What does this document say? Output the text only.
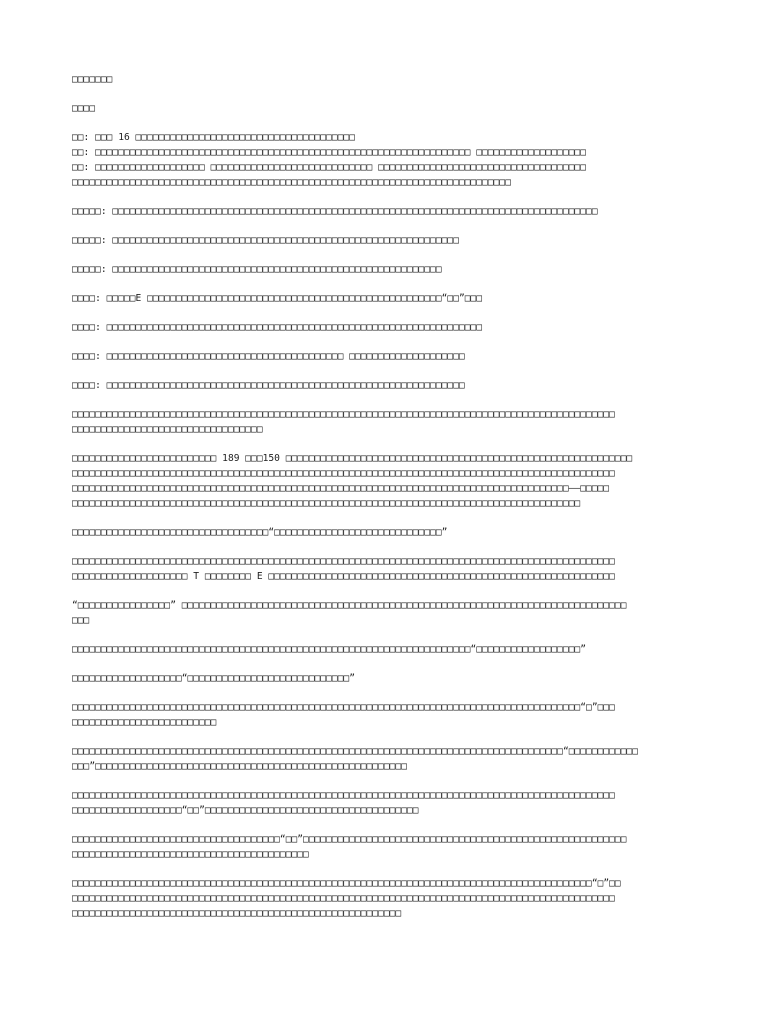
□□□□□□□
□□□□
□□: □□□ 16 □□□□□□□□□□□□□□□□□□□□□□□□□□□□□□□□□□□□□□
□□: □□□□□□□□□□□□□□□□□□□□□□□□□□□□□□□□□□□□□□□□□□□□□□□□□□□□□□□□□□□□□□□□□ □□□□□□□□□□□□□□□□□□□
□□: □□□□□□□□□□□□□□□□□□□ □□□□□□□□□□□□□□□□□□□□□□□□□□□□ □□□□□□□□□□□□□□□□□□□□□□□□□□□□□□□□□□□□
□□□□□□□□□□□□□□□□□□□□□□□□□□□□□□□□□□□□□□□□□□□□□□□□□□□□□□□□□□□□□□□□□□□□□□□□□□□□
□□□□□: □□□□□□□□□□□□□□□□□□□□□□□□□□□□□□□□□□□□□□□□□□□□□□□□□□□□□□□□□□□□□□□□□□□□□□□□□□□□□□□□□□□□
□□□□□: □□□□□□□□□□□□□□□□□□□□□□□□□□□□□□□□□□□□□□□□□□□□□□□□□□□□□□□□□□□□
□□□□□: □□□□□□□□□□□□□□□□□□□□□□□□□□□□□□□□□□□□□□□□□□□□□□□□□□□□□□□□□
□□□□: □□□□□E □□□□□□□□□□□□□□□□□□□□□□□□□□□□□□□□□□□□□□□□□□□□□□□□□□□“□□”□□□
□□□□: □□□□□□□□□□□□□□□□□□□□□□□□□□□□□□□□□□□□□□□□□□□□□□□□□□□□□□□□□□□□□□□□□
□□□□: □□□□□□□□□□□□□□□□□□□□□□□□□□□□□□□□□□□□□□□□□ □□□□□□□□□□□□□□□□□□□□
□□□□: □□□□□□□□□□□□□□□□□□□□□□□□□□□□□□□□□□□□□□□□□□□□□□□□□□□□□□□□□□□□□□
□□□□□□□□□□□□□□□□□□□□□□□□□□□□□□□□□□□□□□□□□□□□□□□□□□□□□□□□□□□□□□□□□□□□□□□□□□□□□□□□□□□□□□□□□□□□□□
□□□□□□□□□□□□□□□□□□□□□□□□□□□□□□□□□
□□□□□□□□□□□□□□□□□□□□□□□□□ 189 □□□150 □□□□□□□□□□□□□□□□□□□□□□□□□□□□□□□□□□□□□□□□□□□□□□□□□□□□□□□□□□□□
□□□□□□□□□□□□□□□□□□□□□□□□□□□□□□□□□□□□□□□□□□□□□□□□□□□□□□□□□□□□□□□□□□□□□□□□□□□□□□□□□□□□□□□□□□□□□□
□□□□□□□□□□□□□□□□□□□□□□□□□□□□□□□□□□□□□□□□□□□□□□□□□□□□□□□□□□□□□□□□□□□□□□□□□□□□□□□□□□□□□□——□□□□□
□□□□□□□□□□□□□□□□□□□□□□□□□□□□□□□□□□□□□□□□□□□□□□□□□□□□□□□□□□□□□□□□□□□□□□□□□□□□□□□□□□□□□□□□
□□□□□□□□□□□□□□□□□□□□□□□□□□□□□□□□□□“□□□□□□□□□□□□□□□□□□□□□□□□□□□□□”
□□□□□□□□□□□□□□□□□□□□□□□□□□□□□□□□□□□□□□□□□□□□□□□□□□□□□□□□□□□□□□□□□□□□□□□□□□□□□□□□□□□□□□□□□□□□□□
□□□□□□□□□□□□□□□□□□□□ T □□□□□□□□ E □□□□□□□□□□□□□□□□□□□□□□□□□□□□□□□□□□□□□□□□□□□□□□□□□□□□□□□□□□□□
“□□□□□□□□□□□□□□□□” □□□□□□□□□□□□□□□□□□□□□□□□□□□□□□□□□□□□□□□□□□□□□□□□□□□□□□□□□□□□□□□□□□□□□□□□□□□□□
□□□
□□□□□□□□□□□□□□□□□□□□□□□□□□□□□□□□□□□□□□□□□□□□□□□□□□□□□□□□□□□□□□□□□□□□□“□□□□□□□□□□□□□□□□□□”
□□□□□□□□□□□□□□□□□□□“□□□□□□□□□□□□□□□□□□□□□□□□□□□□”
□□□□□□□□□□□□□□□□□□□□□□□□□□□□□□□□□□□□□□□□□□□□□□□□□□□□□□□□□□□□□□□□□□□□□□□□□□□□□□□□□□□□□□□□“□”□□□
□□□□□□□□□□□□□□□□□□□□□□□□□
□□□□□□□□□□□□□□□□□□□□□□□□□□□□□□□□□□□□□□□□□□□□□□□□□□□□□□□□□□□□□□□□□□□□□□□□□□□□□□□□□□□□□“□□□□□□□□□□□□
□□□”□□□□□□□□□□□□□□□□□□□□□□□□□□□□□□□□□□□□□□□□□□□□□□□□□□□□□□
□□□□□□□□□□□□□□□□□□□□□□□□□□□□□□□□□□□□□□□□□□□□□□□□□□□□□□□□□□□□□□□□□□□□□□□□□□□□□□□□□□□□□□□□□□□□□□
□□□□□□□□□□□□□□□□□□□“□□”□□□□□□□□□□□□□□□□□□□□□□□□□□□□□□□□□□□□□
□□□□□□□□□□□□□□□□□□□□□□□□□□□□□□□□□□□□“□□”□□□□□□□□□□□□□□□□□□□□□□□□□□□□□□□□□□□□□□□□□□□□□□□□□□□□□□□□
□□□□□□□□□□□□□□□□□□□□□□□□□□□□□□□□□□□□□□□□□
□□□□□□□□□□□□□□□□□□□□□□□□□□□□□□□□□□□□□□□□□□□□□□□□□□□□□□□□□□□□□□□□□□□□□□□□□□□□□□□□□□□□□□□□□□“□”□□
□□□□□□□□□□□□□□□□□□□□□□□□□□□□□□□□□□□□□□□□□□□□□□□□□□□□□□□□□□□□□□□□□□□□□□□□□□□□□□□□□□□□□□□□□□□□□□
□□□□□□□□□□□□□□□□□□□□□□□□□□□□□□□□□□□□□□□□□□□□□□□□□□□□□□□□□
